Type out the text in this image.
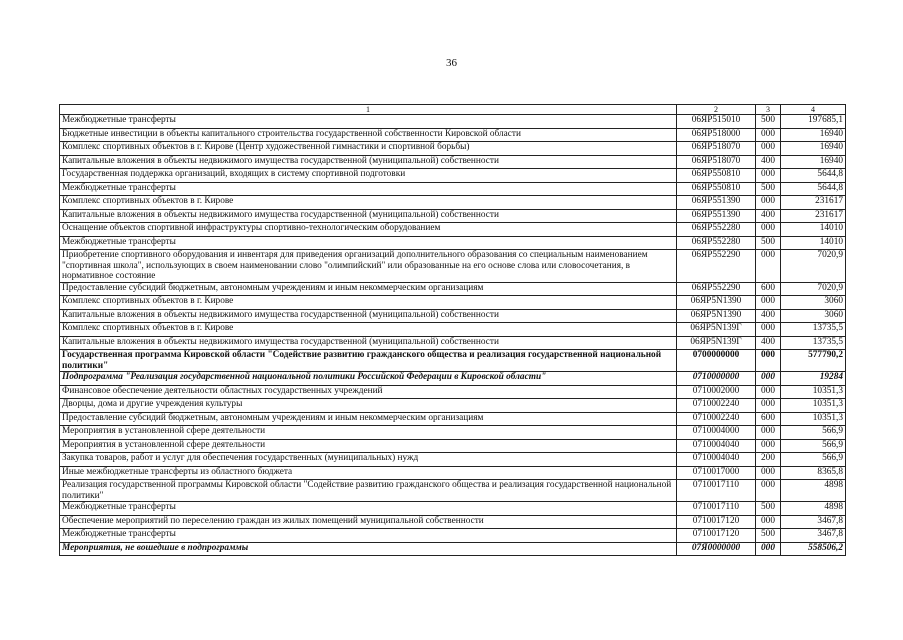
36
1	2	3	4
Межбюджетные трансферты	06ЯР515010	500	197685,1
Бюджетные инвестиции в объекты капитального строительства государственной собственности Кировской области	06ЯР518000	000	16940
Комплекс спортивных объектов в г. Кирове (Центр художественной гимнастики и спортивной борьбы)	06ЯР518070	000	16940
Капитальные вложения в объекты недвижимого имущества государственной (муниципальной) собственности	06ЯР518070	400	16940
Государственная поддержка организаций, входящих в систему спортивной подготовки	06ЯР550810	000	5644,8
Межбюджетные трансферты	06ЯР550810	500	5644,8
Комплекс спортивных объектов в г. Кирове	06ЯР551390	000	231617
Капитальные вложения в объекты недвижимого имущества государственной (муниципальной) собственности	06ЯР551390	400	231617
Оснащение объектов спортивной инфраструктуры спортивно-технологическим оборудованием	06ЯР552280	000	14010
Межбюджетные трансферты	06ЯР552280	500	14010
Приобретение спортивного оборудования и инвентаря для приведения организаций дополнительного образования со специальным наименованием "спортивная школа", использующих в своем наименовании слово "олимпийский" или образованные на его основе слова или словосочетания, в нормативное состояние	06ЯР552290	000	7020,9
Предоставление субсидий бюджетным, автономным учреждениям и иным некоммерческим организациям	06ЯР552290	600	7020,9
Комплекс спортивных объектов в г. Кирове	06ЯР5N1390	000	3060
Капитальные вложения в объекты недвижимого имущества государственной (муниципальной) собственности	06ЯР5N1390	400	3060
Комплекс спортивных объектов в г. Кирове	06ЯР5N139Г	000	13735,5
Капитальные вложения в объекты недвижимого имущества государственной (муниципальной) собственности	06ЯР5N139Г	400	13735,5
Государственная программа Кировской области "Содействие развитию гражданского общества и реализация государственной национальной политики"	0700000000	000	577790,2
Подпрограмма "Реализация государственной национальной политики Российской Федерации в Кировской области"	0710000000	000	19284
Финансовое обеспечение деятельности областных государственных учреждений	0710002000	000	10351,3
Дворцы, дома и другие учреждения культуры	0710002240	000	10351,3
Предоставление субсидий бюджетным, автономным учреждениям и иным некоммерческим организациям	0710002240	600	10351,3
Мероприятия в установленной сфере деятельности	0710004000	000	566,9
Мероприятия в установленной сфере деятельности	0710004040	000	566,9
Закупка товаров, работ и услуг для обеспечения государственных (муниципальных) нужд	0710004040	200	566,9
Иные межбюджетные трансферты из областного бюджета	0710017000	000	8365,8
Реализация государственной программы Кировской области "Содействие развитию гражданского общества и реализация государственной национальной политики"	0710017110	000	4898
Межбюджетные трансферты	0710017110	500	4898
Обеспечение мероприятий по переселению граждан из жилых помещений муниципальной собственности	0710017120	000	3467,8
Межбюджетные трансферты	0710017120	500	3467,8
Мероприятия, не вошедшие в подпрограммы	07Я0000000	000	558506,2
